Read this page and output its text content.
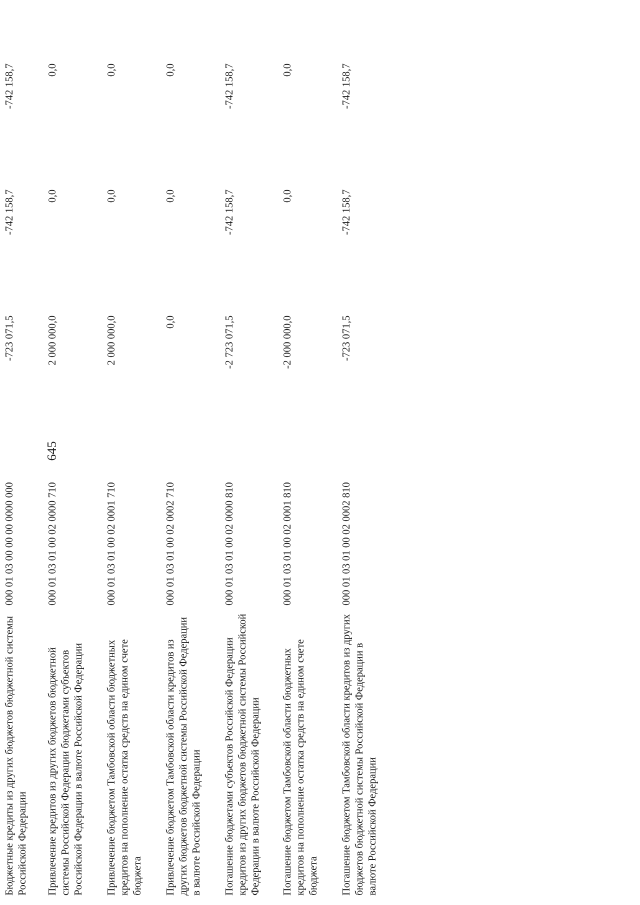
645

Бюджетные кредиты из других бюджетов бюджетной системы Российской Федерации	000 01 03 00 00 00 0000 000	-723 071,5	-742 158,7	-742 158,7
Привлечение кредитов из других бюджетов бюджетной системы Российской Федерации бюджетами субъектов Российской Федерации в валюте Российской Федерации	000 01 03 01 00 02 0000 710	2 000 000,0	0,0	0,0
Привлечение бюджетом Тамбовской области бюджетных кредитов на пополнение остатка средств на едином счете бюджета	000 01 03 01 00 02 0001 710	2 000 000,0	0,0	0,0
Привлечение бюджетом Тамбовской области кредитов из других бюджетов бюджетной системы Российской Федерации в валюте Российской Федерации	000 01 03 01 00 02 0002 710	0,0	0,0	0,0
Погашение бюджетами субъектов Российской Федерации кредитов из других бюджетов бюджетной системы Российской Федерации в валюте Российской Федерации	000 01 03 01 00 02 0000 810	-2 723 071,5	-742 158,7	-742 158,7
Погашение бюджетом Тамбовской области бюджетных кредитов на пополнение остатка средств на едином счете бюджета	000 01 03 01 00 02 0001 810	-2 000 000,0	0,0	0,0
Погашение бюджетом Тамбовской области кредитов из других бюджетов бюджетной системы Российской Федерации в валюте Российской Федерации	000 01 03 01 00 02 0002 810	-723 071,5	-742 158,7	-742 158,7
